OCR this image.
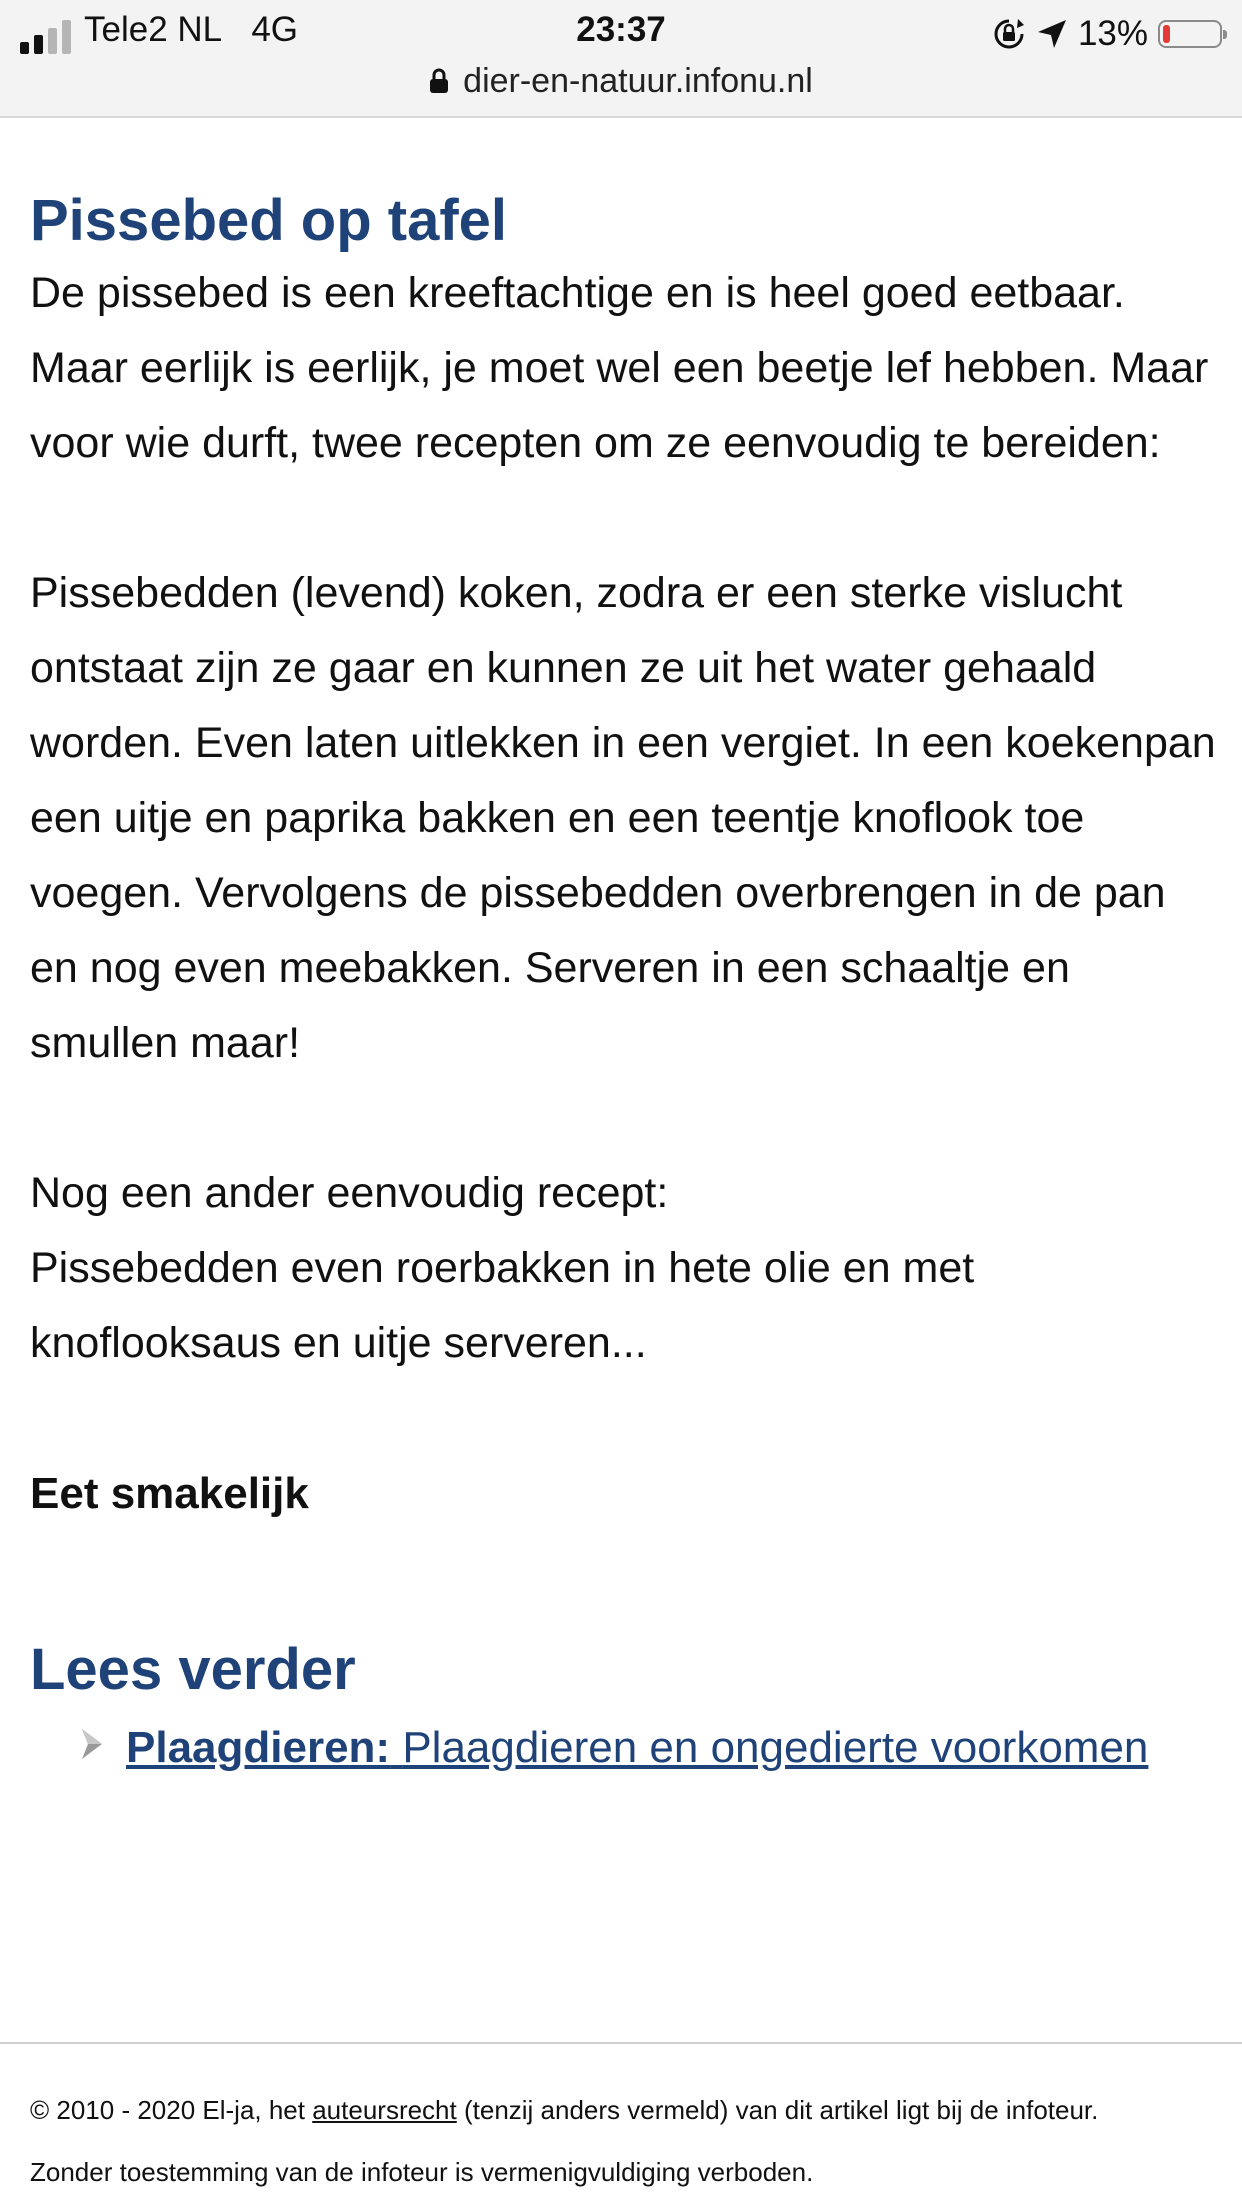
Tele2 NL 4G	23:37	13%
dier-en-natuur.infonu.nl
Pissebed op tafel

De pissebed is een kreeftachtige en is heel goed eetbaar. Maar eerlijk is eerlijk, je moet wel een beetje lef hebben. Maar voor wie durft, twee recepten om ze eenvoudig te bereiden:

Pissebedden (levend) koken, zodra er een sterke vislucht ontstaat zijn ze gaar en kunnen ze uit het water gehaald worden. Even laten uitlekken in een vergiet. In een koekenpan een uitje en paprika bakken en een teentje knoflook toe voegen. Vervolgens de pissebedden overbrengen in de pan en nog even meebakken. Serveren in een schaaltje en smullen maar!

Nog een ander eenvoudig recept:

Pissebedden even roerbakken in hete olie en met knoflooksaus en uitje serveren...

Eet smakelijk

Lees verder
Plaagdieren: Plaagdieren en ongedierte voorkomen

© 2010 - 2020 El-ja, het auteursrecht (tenzij anders vermeld) van dit artikel ligt bij de infoteur.

Zonder toestemming van de infoteur is vermenigvuldiging verboden.
